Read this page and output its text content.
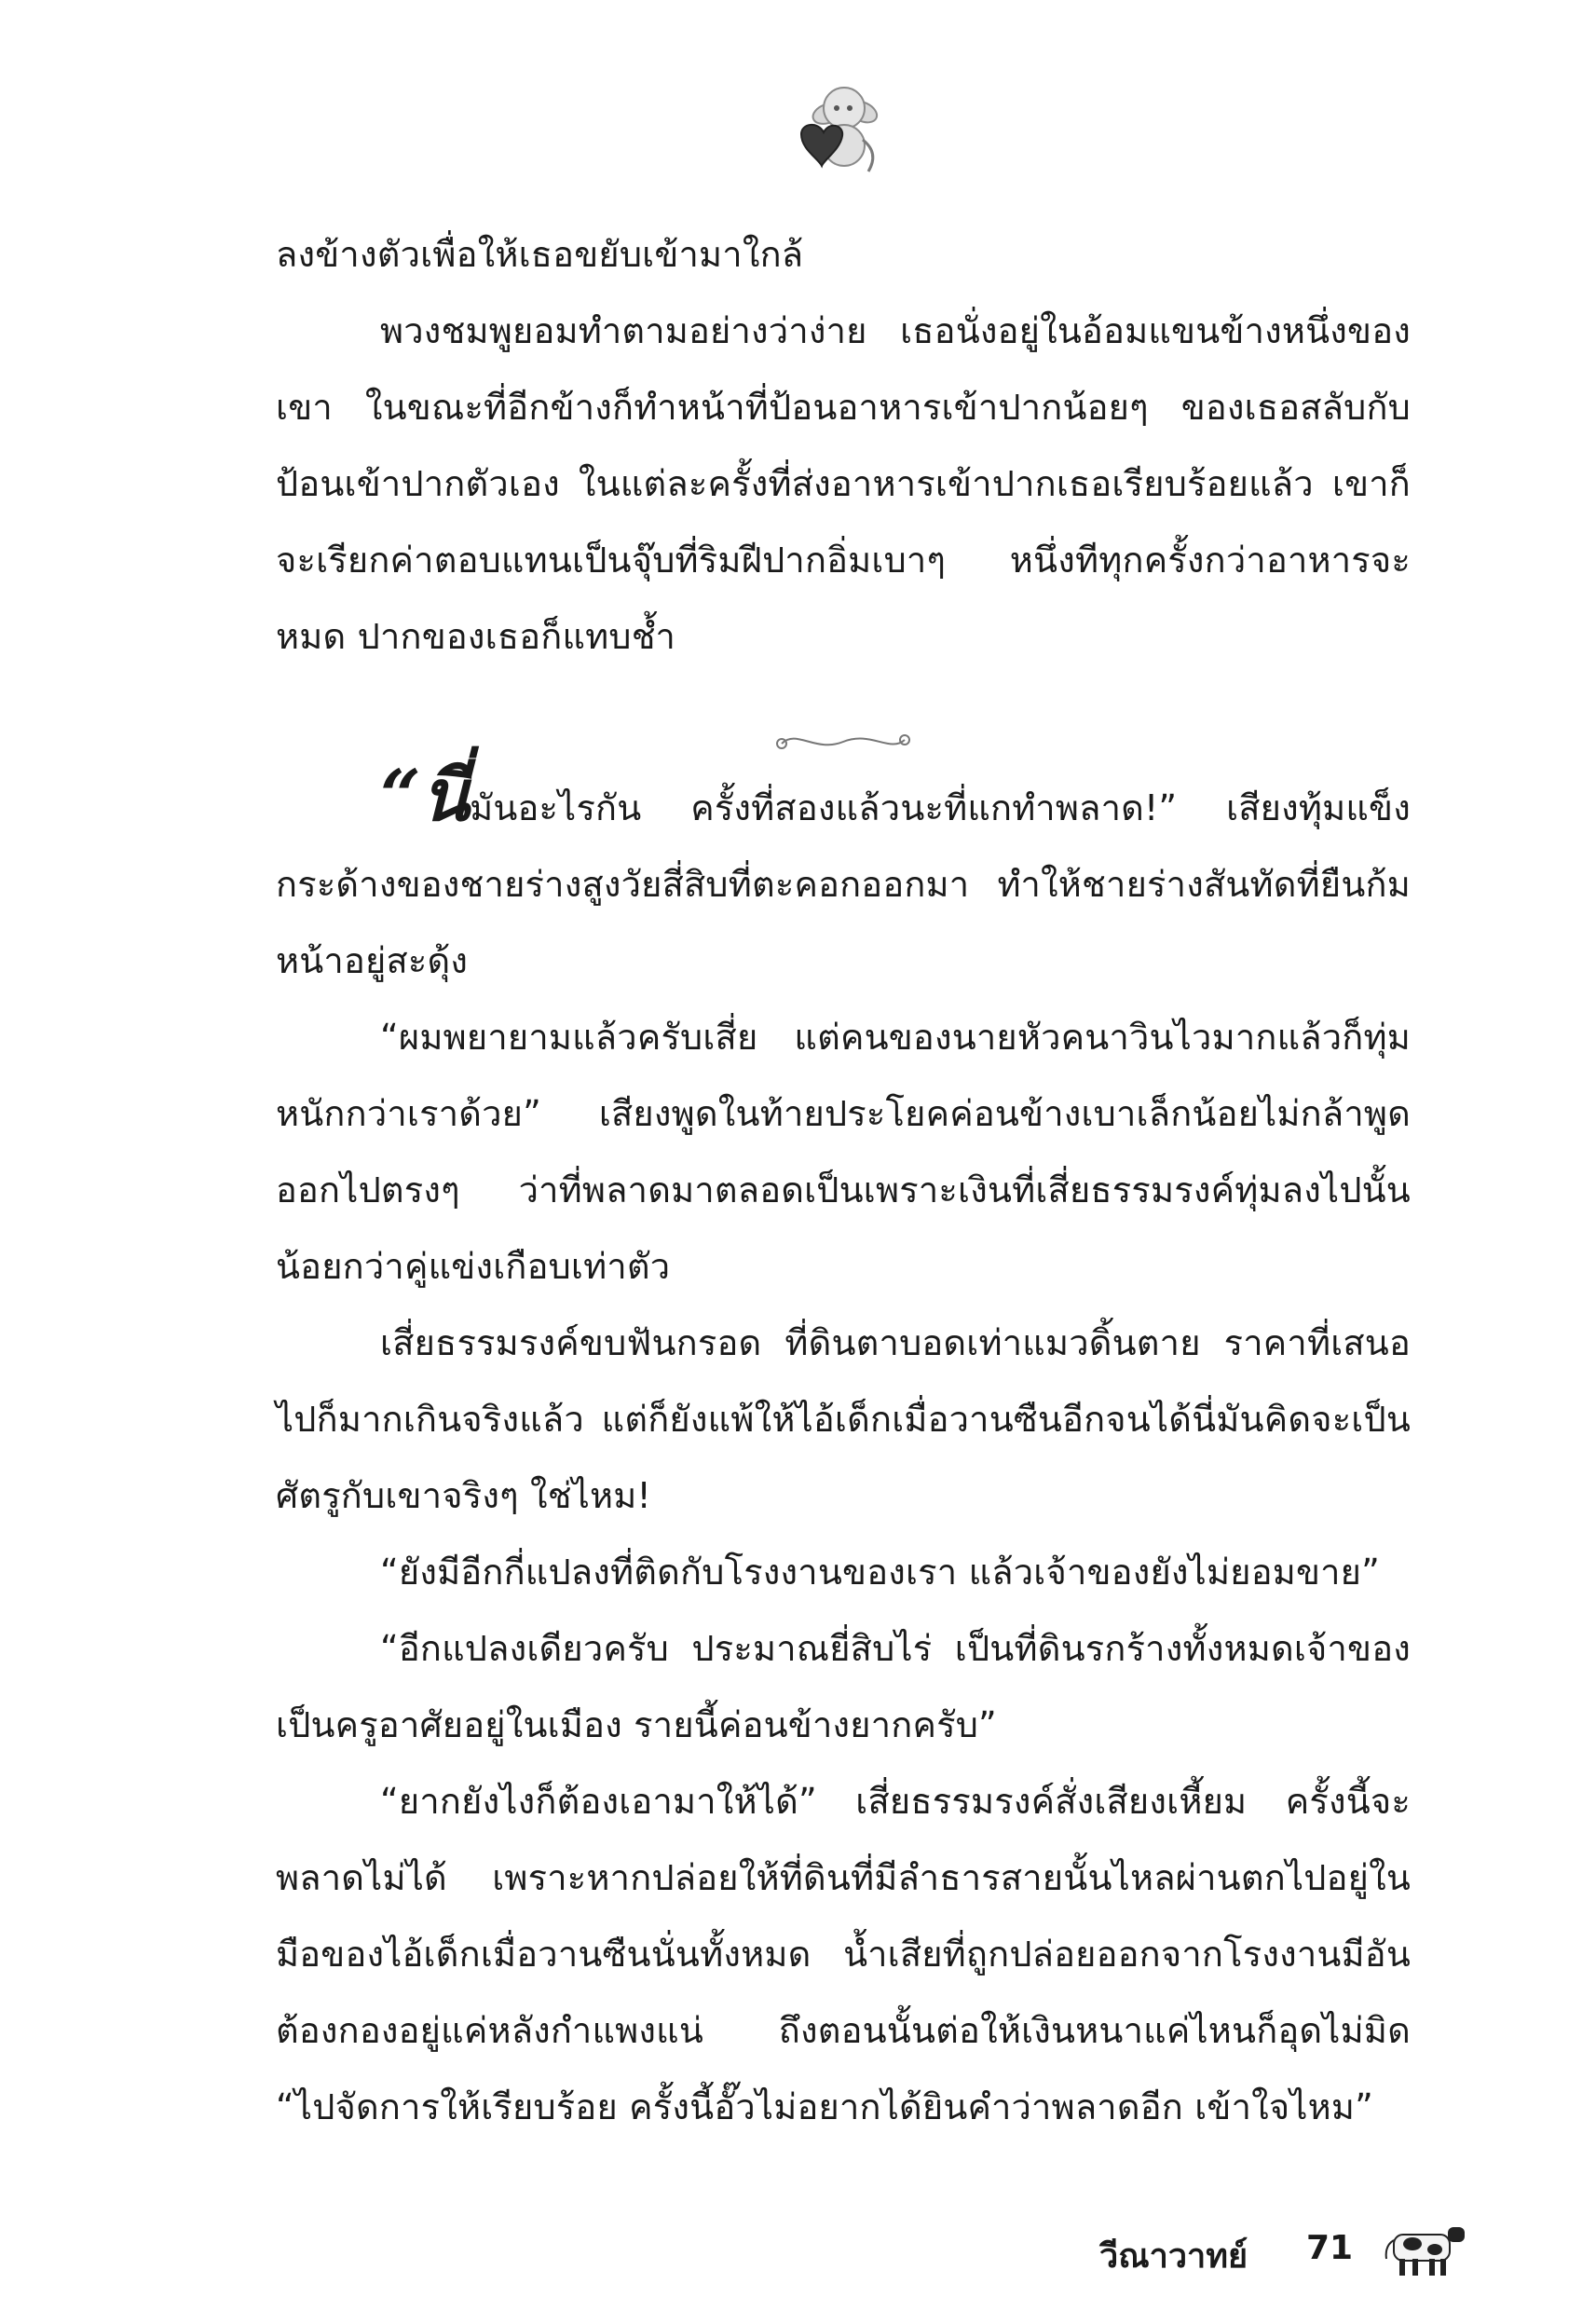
ลงข้างตัวเพื่อให้เธอขยับเข้ามาใกล้

พวงชมพูยอมทำตามอย่างว่าง่าย เธอนั่งอยู่ในอ้อมแขนข้างหนึ่งของเขา ในขณะที่อีกข้างก็ทำหน้าที่ป้อนอาหารเข้าปากน้อยๆ ของเธอสลับกับป้อนเข้าปากตัวเอง ในแต่ละครั้งที่ส่งอาหารเข้าปากเธอเรียบร้อยแล้ว เขาก็จะเรียกค่าตอบแทนเป็นจุ๊บที่ริมฝีปากอิ่มเบาๆ หนึ่งทีทุกครั้งกว่าอาหารจะหมด ปากของเธอก็แทบช้ำ

“นี่มันอะไรกัน ครั้งที่สองแล้วนะที่แกทำพลาด!” เสียงทุ้มแข็งกระด้างของชายร่างสูงวัยสี่สิบที่ตะคอกออกมา ทำให้ชายร่างสันทัดที่ยืนก้มหน้าอยู่สะดุ้ง

“ผมพยายามแล้วครับเสี่ย แต่คนของนายหัวคนาวินไวมากแล้วก็ทุ่มหนักกว่าเราด้วย” เสียงพูดในท้ายประโยคค่อนข้างเบาเล็กน้อยไม่กล้าพูดออกไปตรงๆ ว่าที่พลาดมาตลอดเป็นเพราะเงินที่เสี่ยธรรมรงค์ทุ่มลงไปนั้นน้อยกว่าคู่แข่งเกือบเท่าตัว

เสี่ยธรรมรงค์ขบฟันกรอด ที่ดินตาบอดเท่าแมวดิ้นตาย ราคาที่เสนอไปก็มากเกินจริงแล้ว แต่ก็ยังแพ้ให้ไอ้เด็กเมื่อวานซืนอีกจนได้นี่มันคิดจะเป็นศัตรูกับเขาจริงๆ ใช่ไหม!

“ยังมีอีกกี่แปลงที่ติดกับโรงงานของเรา แล้วเจ้าของยังไม่ยอมขาย”

“อีกแปลงเดียวครับ ประมาณยี่สิบไร่ เป็นที่ดินรกร้างทั้งหมดเจ้าของเป็นครูอาศัยอยู่ในเมือง รายนี้ค่อนข้างยากครับ”

“ยากยังไงก็ต้องเอามาให้ได้” เสี่ยธรรมรงค์สั่งเสียงเหี้ยม ครั้งนี้จะพลาดไม่ได้ เพราะหากปล่อยให้ที่ดินที่มีลำธารสายนั้นไหลผ่านตกไปอยู่ในมือของไอ้เด็กเมื่อวานซืนนั่นทั้งหมด น้ำเสียที่ถูกปล่อยออกจากโรงงานมีอันต้องกองอยู่แค่หลังกำแพงแน่ ถึงตอนนั้นต่อให้เงินหนาแค่ไหนก็อุดไม่มิด “ไปจัดการให้เรียบร้อย ครั้งนี้อั๊วไม่อยากได้ยินคำว่าพลาดอีก เข้าใจไหม”

วีณาวาทย์ 71
